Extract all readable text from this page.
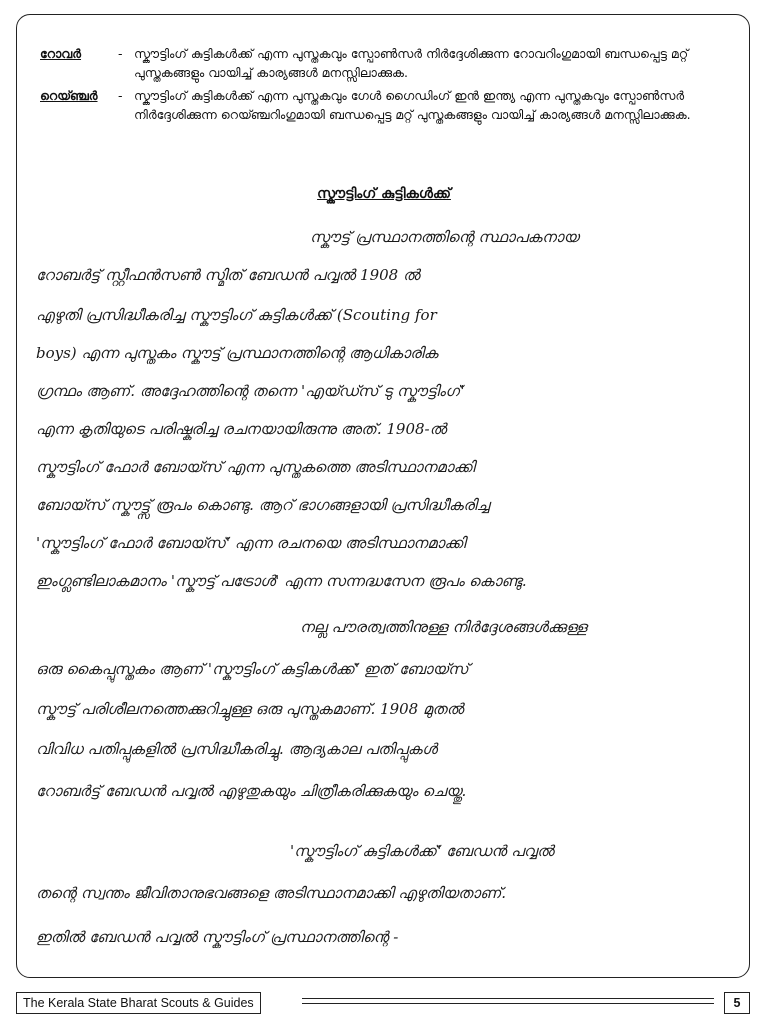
റോവർ	- സ്കൗട്ടിംഗ് കുട്ടികൾക്ക് എന്ന പുസ്തകവും സ്പോൺസർ നിർദ്ദേശിക്കുന്ന റോവറിംഗുമായി ബന്ധപ്പെട്ട മറ്റ് പുസ്തകങ്ങളും വായിച്ച് കാര്യങ്ങൾ മനസ്സിലാക്കുക.
റെയ്ഞ്ചർ	- സ്കൗട്ടിംഗ് കുട്ടികൾക്ക് എന്ന പുസ്തകവും ഗേൾ ഗൈഡിംഗ് ഇൻ ഇന്ത്യ എന്ന പുസ്തകവും സ്പോൺസർ നിർദ്ദേശിക്കുന്ന റെയ്ഞ്ചറിംഗുമായി ബന്ധപ്പെട്ട മറ്റ് പുസ്തകങ്ങളും വായിച്ച് കാര്യങ്ങൾ മനസ്സിലാക്കുക.
സ്കൗട്ടിംഗ് കുട്ടികൾക്ക്
സ്കൗട്ട് പ്രസ്ഥാനത്തിന്റെ സ്ഥാപകനായ
റോബർട്ട് സ്റ്റീഫൻസൺ സ്മിത് ബേഡൻ പവ്വൽ 1908 ൽ
എഴുതി പ്രസിദ്ധീകരിച്ച സ്കൗട്ടിംഗ് കുട്ടികൾക്ക് (Scouting for
boys) എന്ന പുസ്തകം സ്കൗട്ട് പ്രസ്ഥാനത്തിന്റെ ആധികാരിക
ഗ്രന്ഥം ആണ്. അദ്ദേഹത്തിന്റെ തന്നെ 'എയ്ഡ്സ് ടു സ്കൗട്ടിംഗ്'
എന്ന കൃതിയുടെ പരിഷ്കരിച്ച രചനയായിരുന്നു അത്. 1908-ൽ
സ്കൗട്ടിംഗ് ഫോർ ബോയ്സ് എന്ന പുസ്തകത്തെ അടിസ്ഥാനമാക്കി
ബോയ്സ് സ്കൗട്ട്സ് രൂപം കൊണ്ടു. ആറ് ഭാഗങ്ങളായി പ്രസിദ്ധീകരിച്ച
'സ്കൗട്ടിംഗ് ഫോർ ബോയ്സ്' എന്ന രചനയെ അടിസ്ഥാനമാക്കി
ഇംഗ്ലണ്ടിലാകമാനം 'സ്കൗട്ട് പട്രോൾ' എന്ന സന്നദ്ധസേന രൂപം കൊണ്ടു.
നല്ല പൗരത്വത്തിനുള്ള നിർദ്ദേശങ്ങൾക്കുള്ള
ഒരു കൈപ്പുസ്തകം ആണ് 'സ്കൗട്ടിംഗ് കുട്ടികൾക്ക്' ഇത് ബോയ്സ്
സ്കൗട്ട് പരിശീലനത്തെക്കുറിച്ചുള്ള ഒരു പുസ്തകമാണ്. 1908 മുതൽ
വിവിധ പതിപ്പുകളിൽ പ്രസിദ്ധീകരിച്ചു. ആദ്യകാല പതിപ്പുകൾ
റോബർട്ട് ബേഡൻ പവ്വൽ എഴുതുകയും ചിത്രീകരിക്കുകയും ചെയ്തു.
'സ്കൗട്ടിംഗ് കുട്ടികൾക്ക്' ബേഡൻ പവ്വൽ
തന്റെ സ്വന്തം ജീവിതാനുഭവങ്ങളെ അടിസ്ഥാനമാക്കി എഴുതിയതാണ്.
ഇതിൽ ബേഡൻ പവ്വൽ സ്കൗട്ടിംഗ് പ്രസ്ഥാനത്തിന്റെ -
The Kerala State Bharat Scouts & Guides	5
